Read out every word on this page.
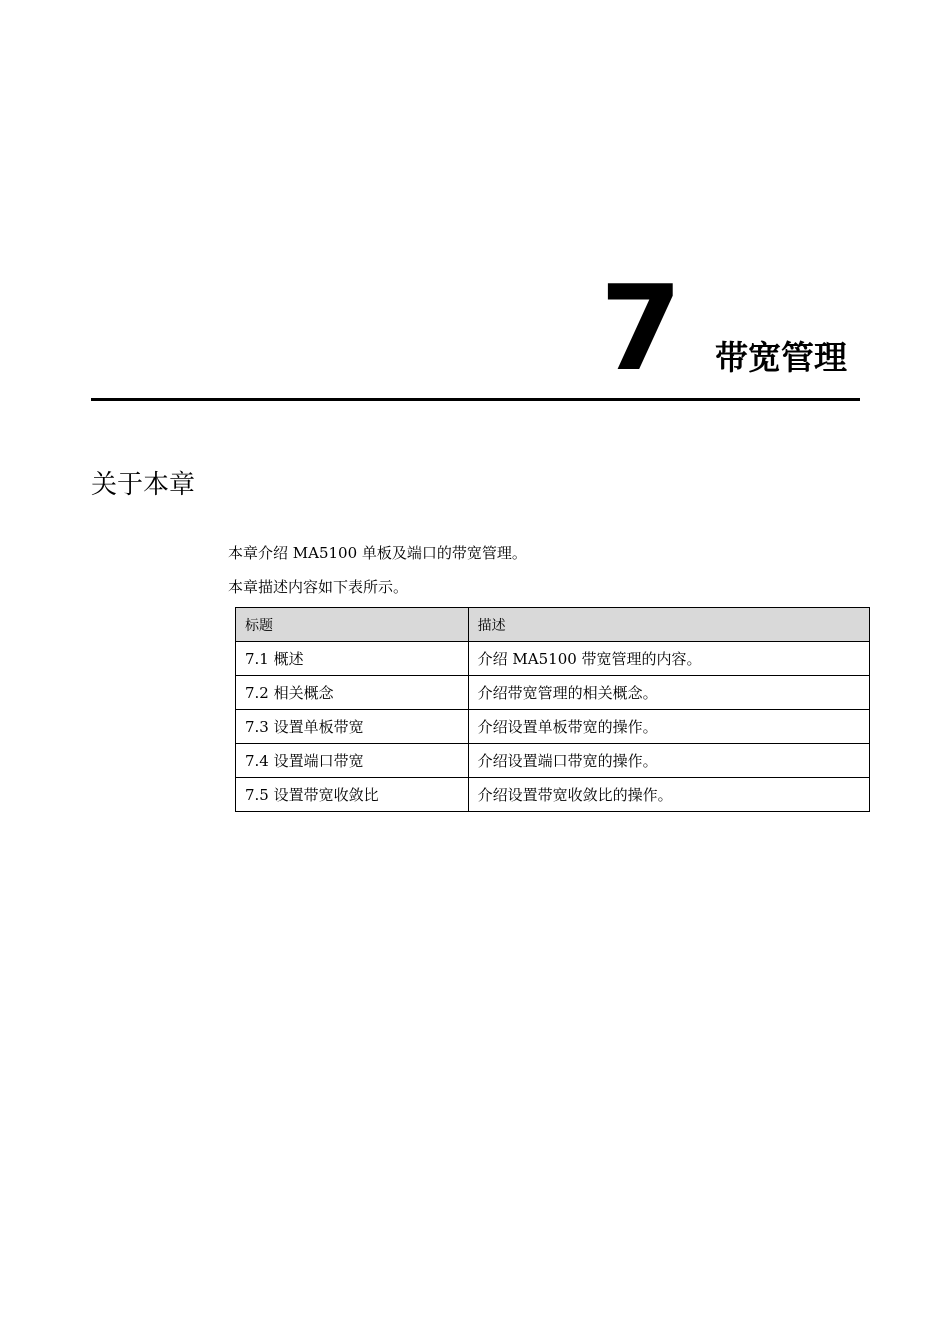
7 带宽管理
关于本章
本章介绍 MA5100 单板及端口的带宽管理。
本章描述内容如下表所示。
标题	描述
7.1 概述	介绍 MA5100 带宽管理的内容。
7.2 相关概念	介绍带宽管理的相关概念。
7.3 设置单板带宽	介绍设置单板带宽的操作。
7.4 设置端口带宽	介绍设置端口带宽的操作。
7.5 设置带宽收敛比	介绍设置带宽收敛比的操作。
